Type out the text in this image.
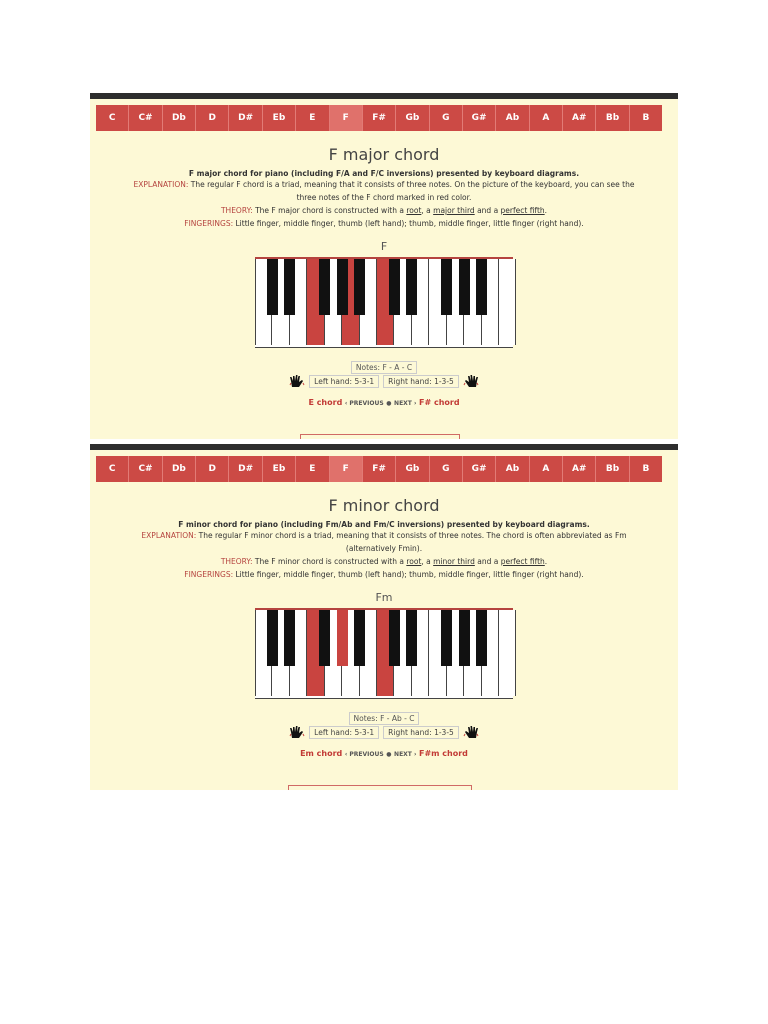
C	C#	Db	D	D#	Eb	E	F	F#	Gb	G	G#	Ab	A	A#	Bb	B
F major chord
F major chord for piano (including F/A and F/C inversions) presented by keyboard diagrams.
EXPLANATION: The regular F chord is a triad, meaning that it consists of three notes. On the picture of the keyboard, you can see the three notes of the F chord marked in red color.
THEORY: The F major chord is constructed with a root, a major third and a perfect fifth.
FINGERINGS: Little finger, middle finger, thumb (left hand); thumb, middle finger, little finger (right hand).
F
Notes: F - A - C
Left hand: 5-3-1	Right hand: 1-3-5
E chord ‹ PREVIOUS ● NEXT › F# chord
C	C#	Db	D	D#	Eb	E	F	F#	Gb	G	G#	Ab	A	A#	Bb	B
F minor chord
F minor chord for piano (including Fm/Ab and Fm/C inversions) presented by keyboard diagrams.
EXPLANATION: The regular F minor chord is a triad, meaning that it consists of three notes. The chord is often abbreviated as Fm (alternatively Fmin).
THEORY: The F minor chord is constructed with a root, a minor third and a perfect fifth.
FINGERINGS: Little finger, middle finger, thumb (left hand); thumb, middle finger, little finger (right hand).
Fm
Notes: F - Ab - C
Left hand: 5-3-1	Right hand: 1-3-5
Em chord ‹ PREVIOUS ● NEXT › F#m chord
